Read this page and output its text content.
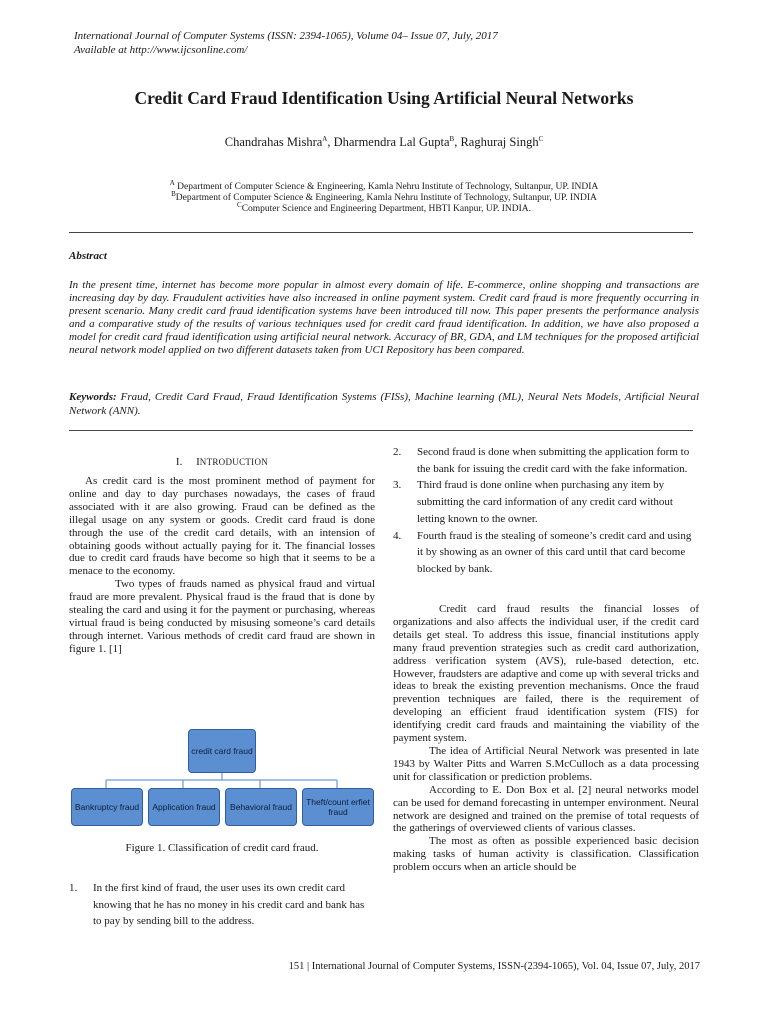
International Journal of Computer Systems (ISSN: 2394-1065), Volume 04– Issue 07, July, 2017
Available at http://www.ijcsonline.com/
Credit Card Fraud Identification Using Artificial Neural Networks
Chandrahas Mishra$^A$, Dharmendra Lal Gupta$^B$, Raghuraj Singh$^C$
$^A$ Department of Computer Science & Engineering, Kamla Nehru Institute of Technology, Sultanpur, UP. INDIA
$^B$Department of Computer Science & Engineering, Kamla Nehru Institute of Technology, Sultanpur, UP. INDIA
$^C$Computer Science and Engineering Department, HBTI Kanpur, UP. INDIA.
Abstract
In the present time, internet has become more popular in almost every domain of life. E-commerce, online shopping and transactions are increasing day by day. Fraudulent activities have also increased in online payment system. Credit card fraud is more frequently occurring in present scenario. Many credit card fraud identification systems have been introduced till now. This paper presents the performance analysis and a comparative study of the results of various techniques used for credit card fraud identification. In addition, we have also proposed a model for credit card fraud identification using artificial neural network. Accuracy of BR, GDA, and LM techniques for the proposed artificial neural network model applied on two different datasets taken from UCI Repository has been compared.
Keywords: Fraud, Credit Card Fraud, Fraud Identification Systems (FISs), Machine learning (ML), Neural Nets Models, Artificial Neural Network (ANN).
I. INTRODUCTION

As credit card is the most prominent method of payment for online and day to day purchases nowadays, the cases of fraud associated with it are also growing. Fraud can be defined as the illegal usage on any system or goods. Credit card fraud is done through the use of the credit card details, with an intension of obtaining goods without actually paying for it. The financial losses due to credit card frauds have become so high that it seems to be a menace to the economy.

Two types of frauds named as physical fraud and virtual fraud are more prevalent. Physical fraud is the fraud that is done by stealing the card and using it for the payment or purchasing, whereas virtual fraud is being conducted by misusing someone’s card details through internet. Various methods of credit card fraud are shown in figure 1. [1]

credit card fraud
Bankruptcy fraud	Application fraud	Behavioral fraud
Theft/count erfiet fraud
Figure 1. Classification of credit card fraud.
1.	In the first kind of fraud, the user uses its own credit card knowing that he has no money in his credit card and bank has to pay by sending bill to the address.
2.	Second fraud is done when submitting the application form to the bank for issuing the credit card with the fake information.
3.	Third fraud is done online when purchasing any item by submitting the card information of any credit card without letting known to the owner.
4.	Fourth fraud is the stealing of someone’s credit card and using it by showing as an owner of this card until that card become blocked by bank.

Credit card fraud results the financial losses of organizations and also affects the individual user, if the credit card details get steal. To address this issue, financial institutions apply many fraud prevention strategies such as credit card authorization, address verification system (AVS), rule-based detection, etc. However, fraudsters are adaptive and come up with several tricks and ideas to break the existing prevention mechanisms. Once the fraud prevention techniques are failed, there is the requirement of developing an efficient fraud identification system (FIS) for identifying credit card frauds and maintaining the viability of the payment system.

The idea of Artificial Neural Network was presented in late 1943 by Walter Pitts and Warren S.McCulloch as a data processing unit for classification or prediction problems.

According to E. Don Box et al. [2] neural networks model can be used for demand forecasting in untemper environment. Neural network are designed and trained on the premise of total requests of the gatherings of overviewed clients of various classes.

The most as often as possible experienced basic decision making tasks of human activity is classification. Classification problem occurs when an article should be

151 | International Journal of Computer Systems, ISSN-(2394-1065), Vol. 04, Issue 07, July, 2017
